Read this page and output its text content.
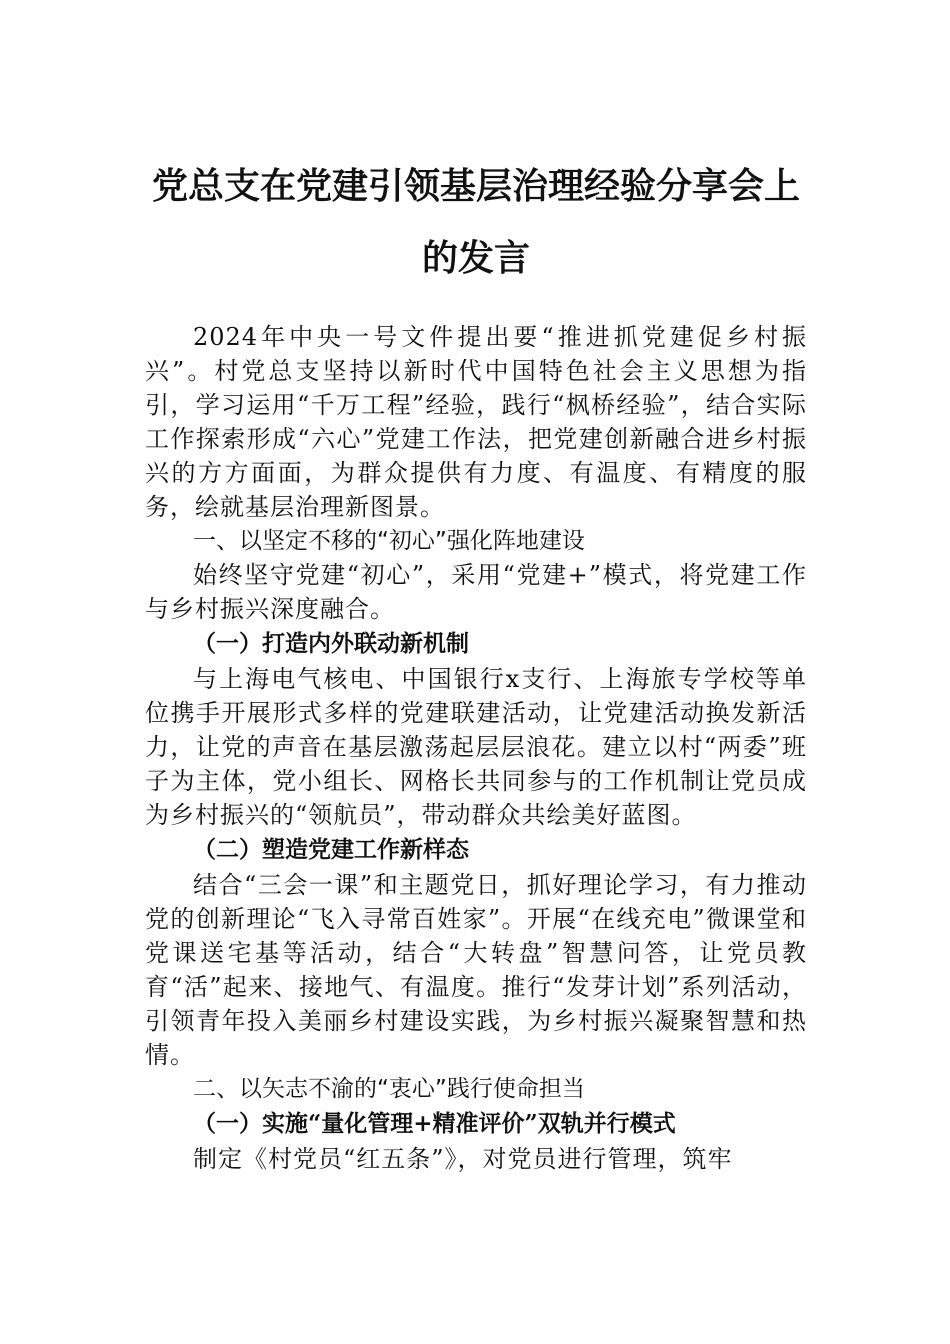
党总支在党建引领基层治理经验分享会上
的发言

2024年中央一号文件提出要“推进抓党建促乡村振兴”。村党总支坚持以新时代中国特色社会主义思想为指引，学习运用“千万工程”经验，践行“枫桥经验”，结合实际工作探索形成“六心”党建工作法，把党建创新融合进乡村振兴的方方面面，为群众提供有力度、有温度、有精度的服务，绘就基层治理新图景。

一、以坚定不移的“初心”强化阵地建设

始终坚守党建“初心”，采用“党建+”模式，将党建工作与乡村振兴深度融合。

（一）打造内外联动新机制

与上海电气核电、中国银行x支行、上海旅专学校等单位携手开展形式多样的党建联建活动，让党建活动换发新活力，让党的声音在基层激荡起层层浪花。建立以村“两委”班子为主体，党小组长、网格长共同参与的工作机制让党员成为乡村振兴的“领航员”，带动群众共绘美好蓝图。

（二）塑造党建工作新样态

结合“三会一课”和主题党日，抓好理论学习，有力推动党的创新理论“飞入寻常百姓家”。开展“在线充电”微课堂和党课送宅基等活动，结合“大转盘”智慧问答，让党员教育“活”起来、接地气、有温度。推行“发芽计划”系列活动，引领青年投入美丽乡村建设实践，为乡村振兴凝聚智慧和热情。

二、以矢志不渝的“衷心”践行使命担当
（一）实施“量化管理+精准评价”双轨并行模式

制定《村党员“红五条”》，对党员进行管理，筑牢
